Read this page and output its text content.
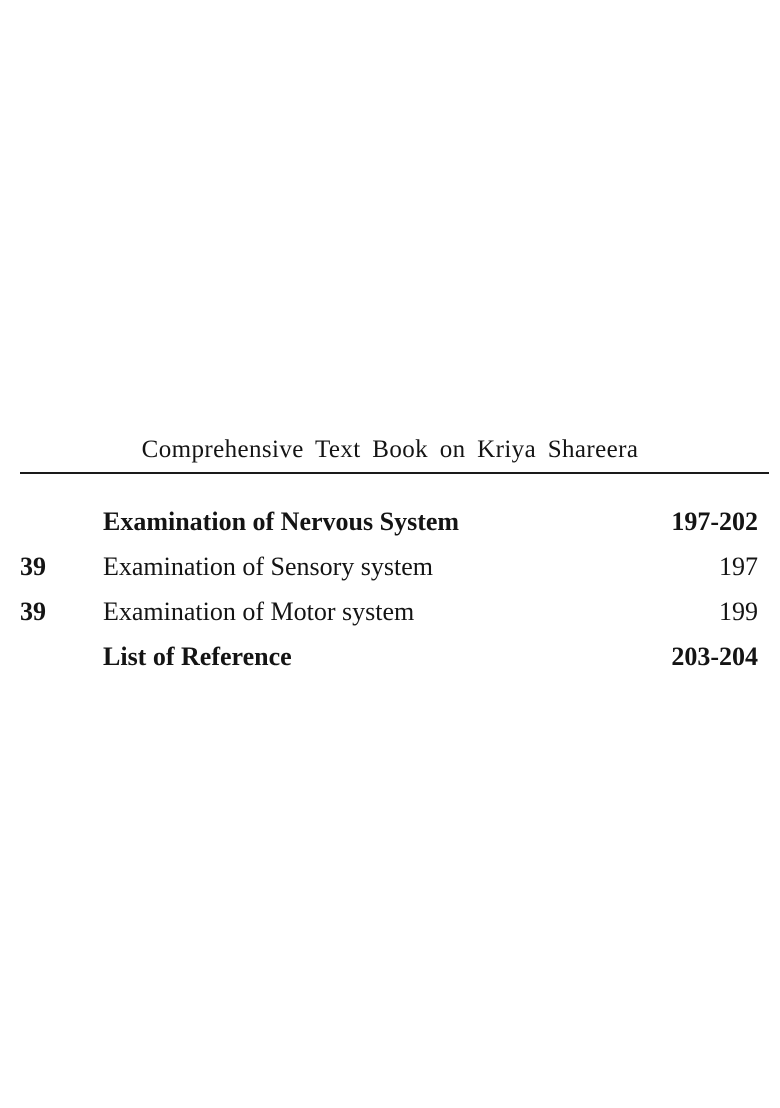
Comprehensive Text Book on Kriya Shareera
Examination of Nervous System	197-202
39 Examination of Sensory system	197
39 Examination of Motor system	199
List of Reference	203-204
